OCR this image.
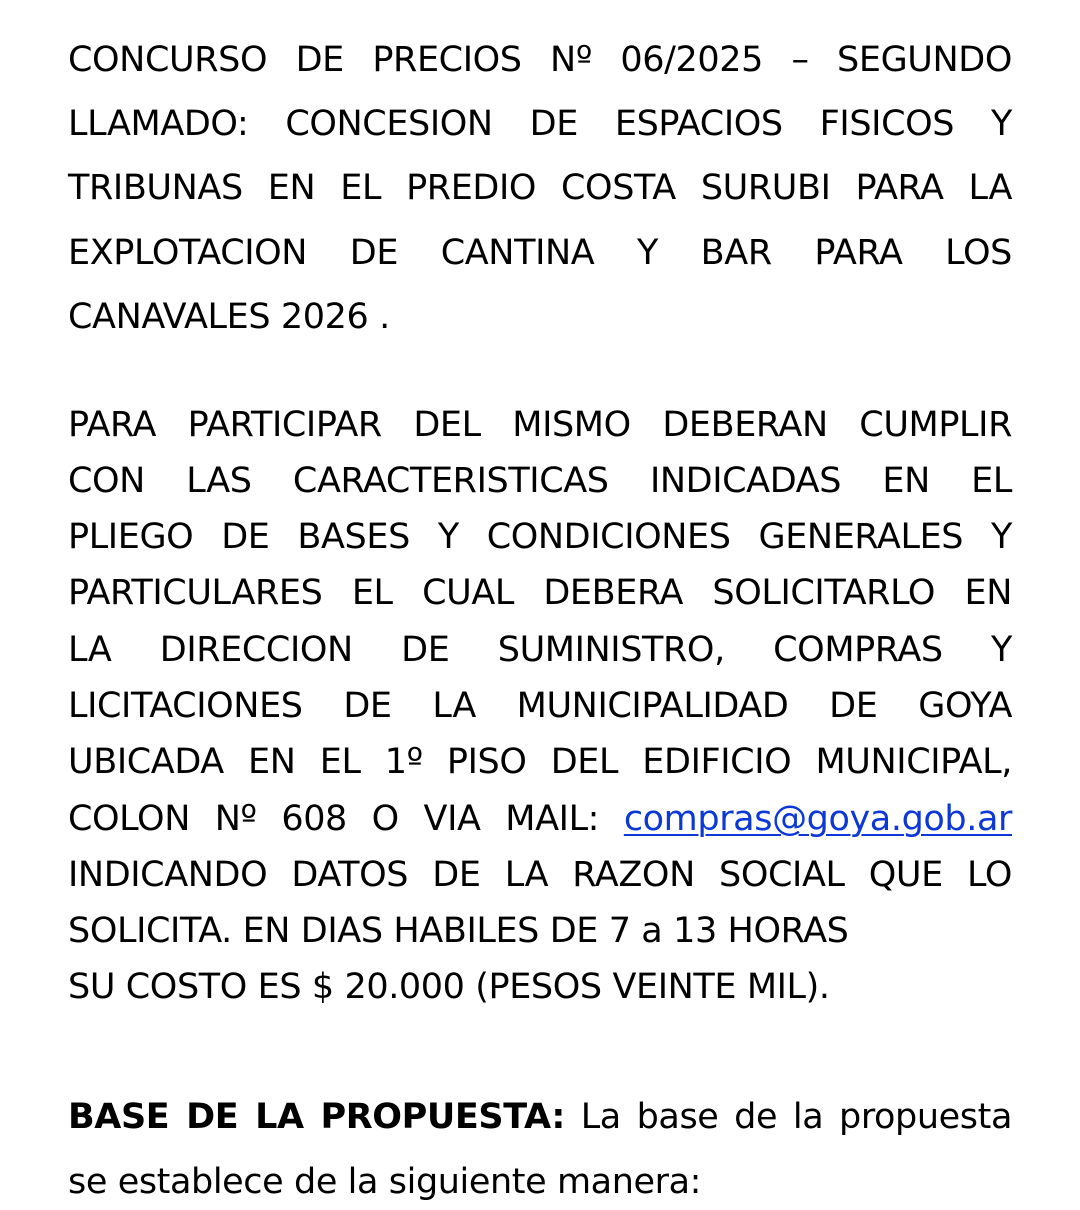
CONCURSO DE PRECIOS Nº 06/2025 – SEGUNDO
LLAMADO: CONCESION DE ESPACIOS FISICOS Y
TRIBUNAS EN EL PREDIO COSTA SURUBI PARA LA
EXPLOTACION DE CANTINA Y BAR PARA LOS
CANAVALES 2026 .
PARA PARTICIPAR DEL MISMO DEBERAN CUMPLIR
CON LAS CARACTERISTICAS INDICADAS EN EL
PLIEGO DE BASES Y CONDICIONES GENERALES Y
PARTICULARES EL CUAL DEBERA SOLICITARLO EN
LA DIRECCION DE SUMINISTRO, COMPRAS Y
LICITACIONES DE LA MUNICIPALIDAD DE GOYA
UBICADA EN EL 1º PISO DEL EDIFICIO MUNICIPAL,
COLON Nº 608 O VIA MAIL: compras@goya.gob.ar
INDICANDO DATOS DE LA RAZON SOCIAL QUE LO
SOLICITA. EN DIAS HABILES DE 7 a 13 HORAS
SU COSTO ES $ 20.000 (PESOS VEINTE MIL).
BASE DE LA PROPUESTA: La base de la propuesta
se establece de la siguiente manera:
